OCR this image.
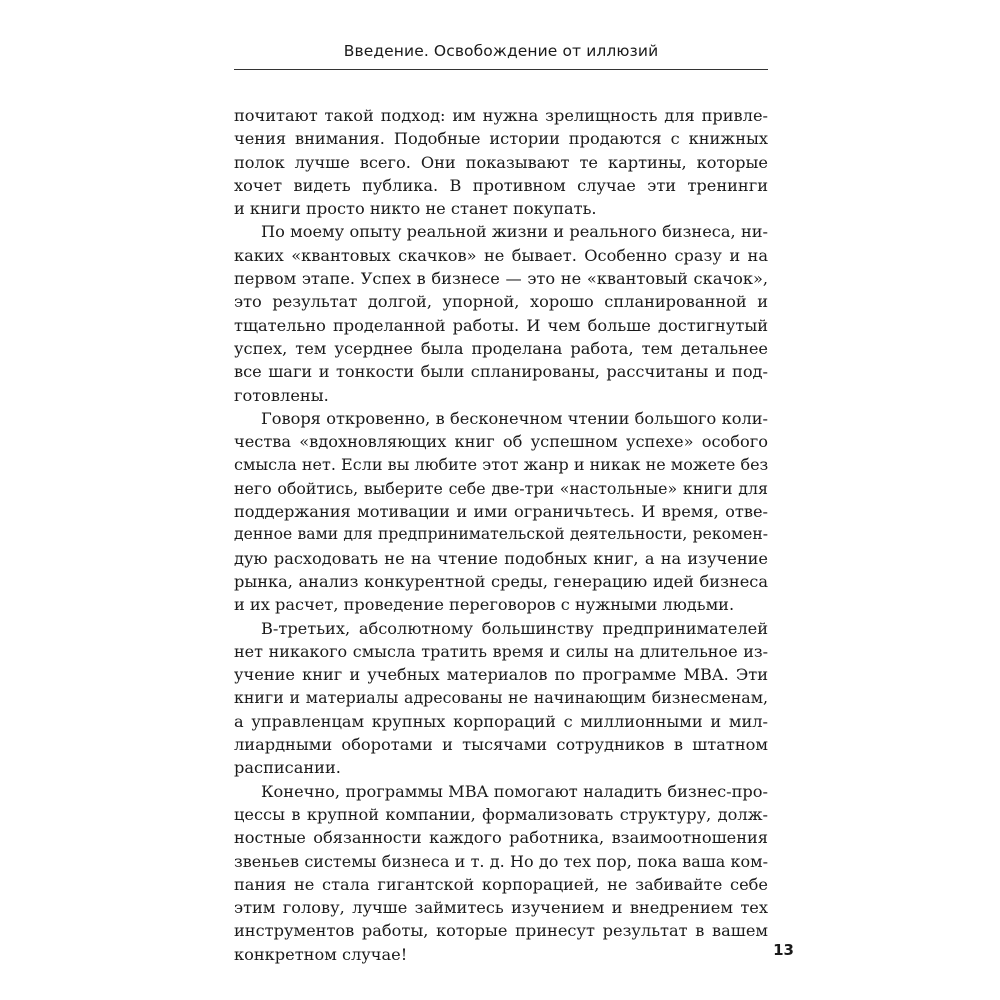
Введение. Освобождение от иллюзий
почитают такой подход: им нужна зрелищность для привле-
чения внимания. Подобные истории продаются с книжных
полок лучше всего. Они показывают те картины, которые
хочет видеть публика. В противном случае эти тренинги
и книги просто никто не станет покупать.
По моему опыту реальной жизни и реального бизнеса, ни-
каких «квантовых скачков» не бывает. Особенно сразу и на
первом этапе. Успех в бизнесе — это не «квантовый скачок»,
это результат долгой, упорной, хорошо спланированной и
тщательно проделанной работы. И чем больше достигнутый
успех, тем усерднее была проделана работа, тем детальнее
все шаги и тонкости были спланированы, рассчитаны и под-
готовлены.
Говоря откровенно, в бесконечном чтении большого коли-
чества «вдохновляющих книг об успешном успехе» особого
смысла нет. Если вы любите этот жанр и никак не можете без
него обойтись, выберите себе две-три «настольные» книги для
поддержания мотивации и ими ограничьтесь. И время, отве-
денное вами для предпринимательской деятельности, рекомен-
дую расходовать не на чтение подобных книг, а на изучение
рынка, анализ конкурентной среды, генерацию идей бизнеса
и их расчет, проведение переговоров с нужными людьми.
В-третьих, абсолютному большинству предпринимателей
нет никакого смысла тратить время и силы на длительное из-
учение книг и учебных материалов по программе MBA. Эти
книги и материалы адресованы не начинающим бизнесменам,
а управленцам крупных корпораций с миллионными и мил-
лиардными оборотами и тысячами сотрудников в штатном
расписании.
Конечно, программы MBA помогают наладить бизнес-про-
цессы в крупной компании, формализовать структуру, долж-
ностные обязанности каждого работника, взаимоотношения
звеньев системы бизнеса и т. д. Но до тех пор, пока ваша ком-
пания не стала гигантской корпорацией, не забивайте себе
этим голову, лучше займитесь изучением и внедрением тех
инструментов работы, которые принесут результат в вашем
конкретном случае!	13
